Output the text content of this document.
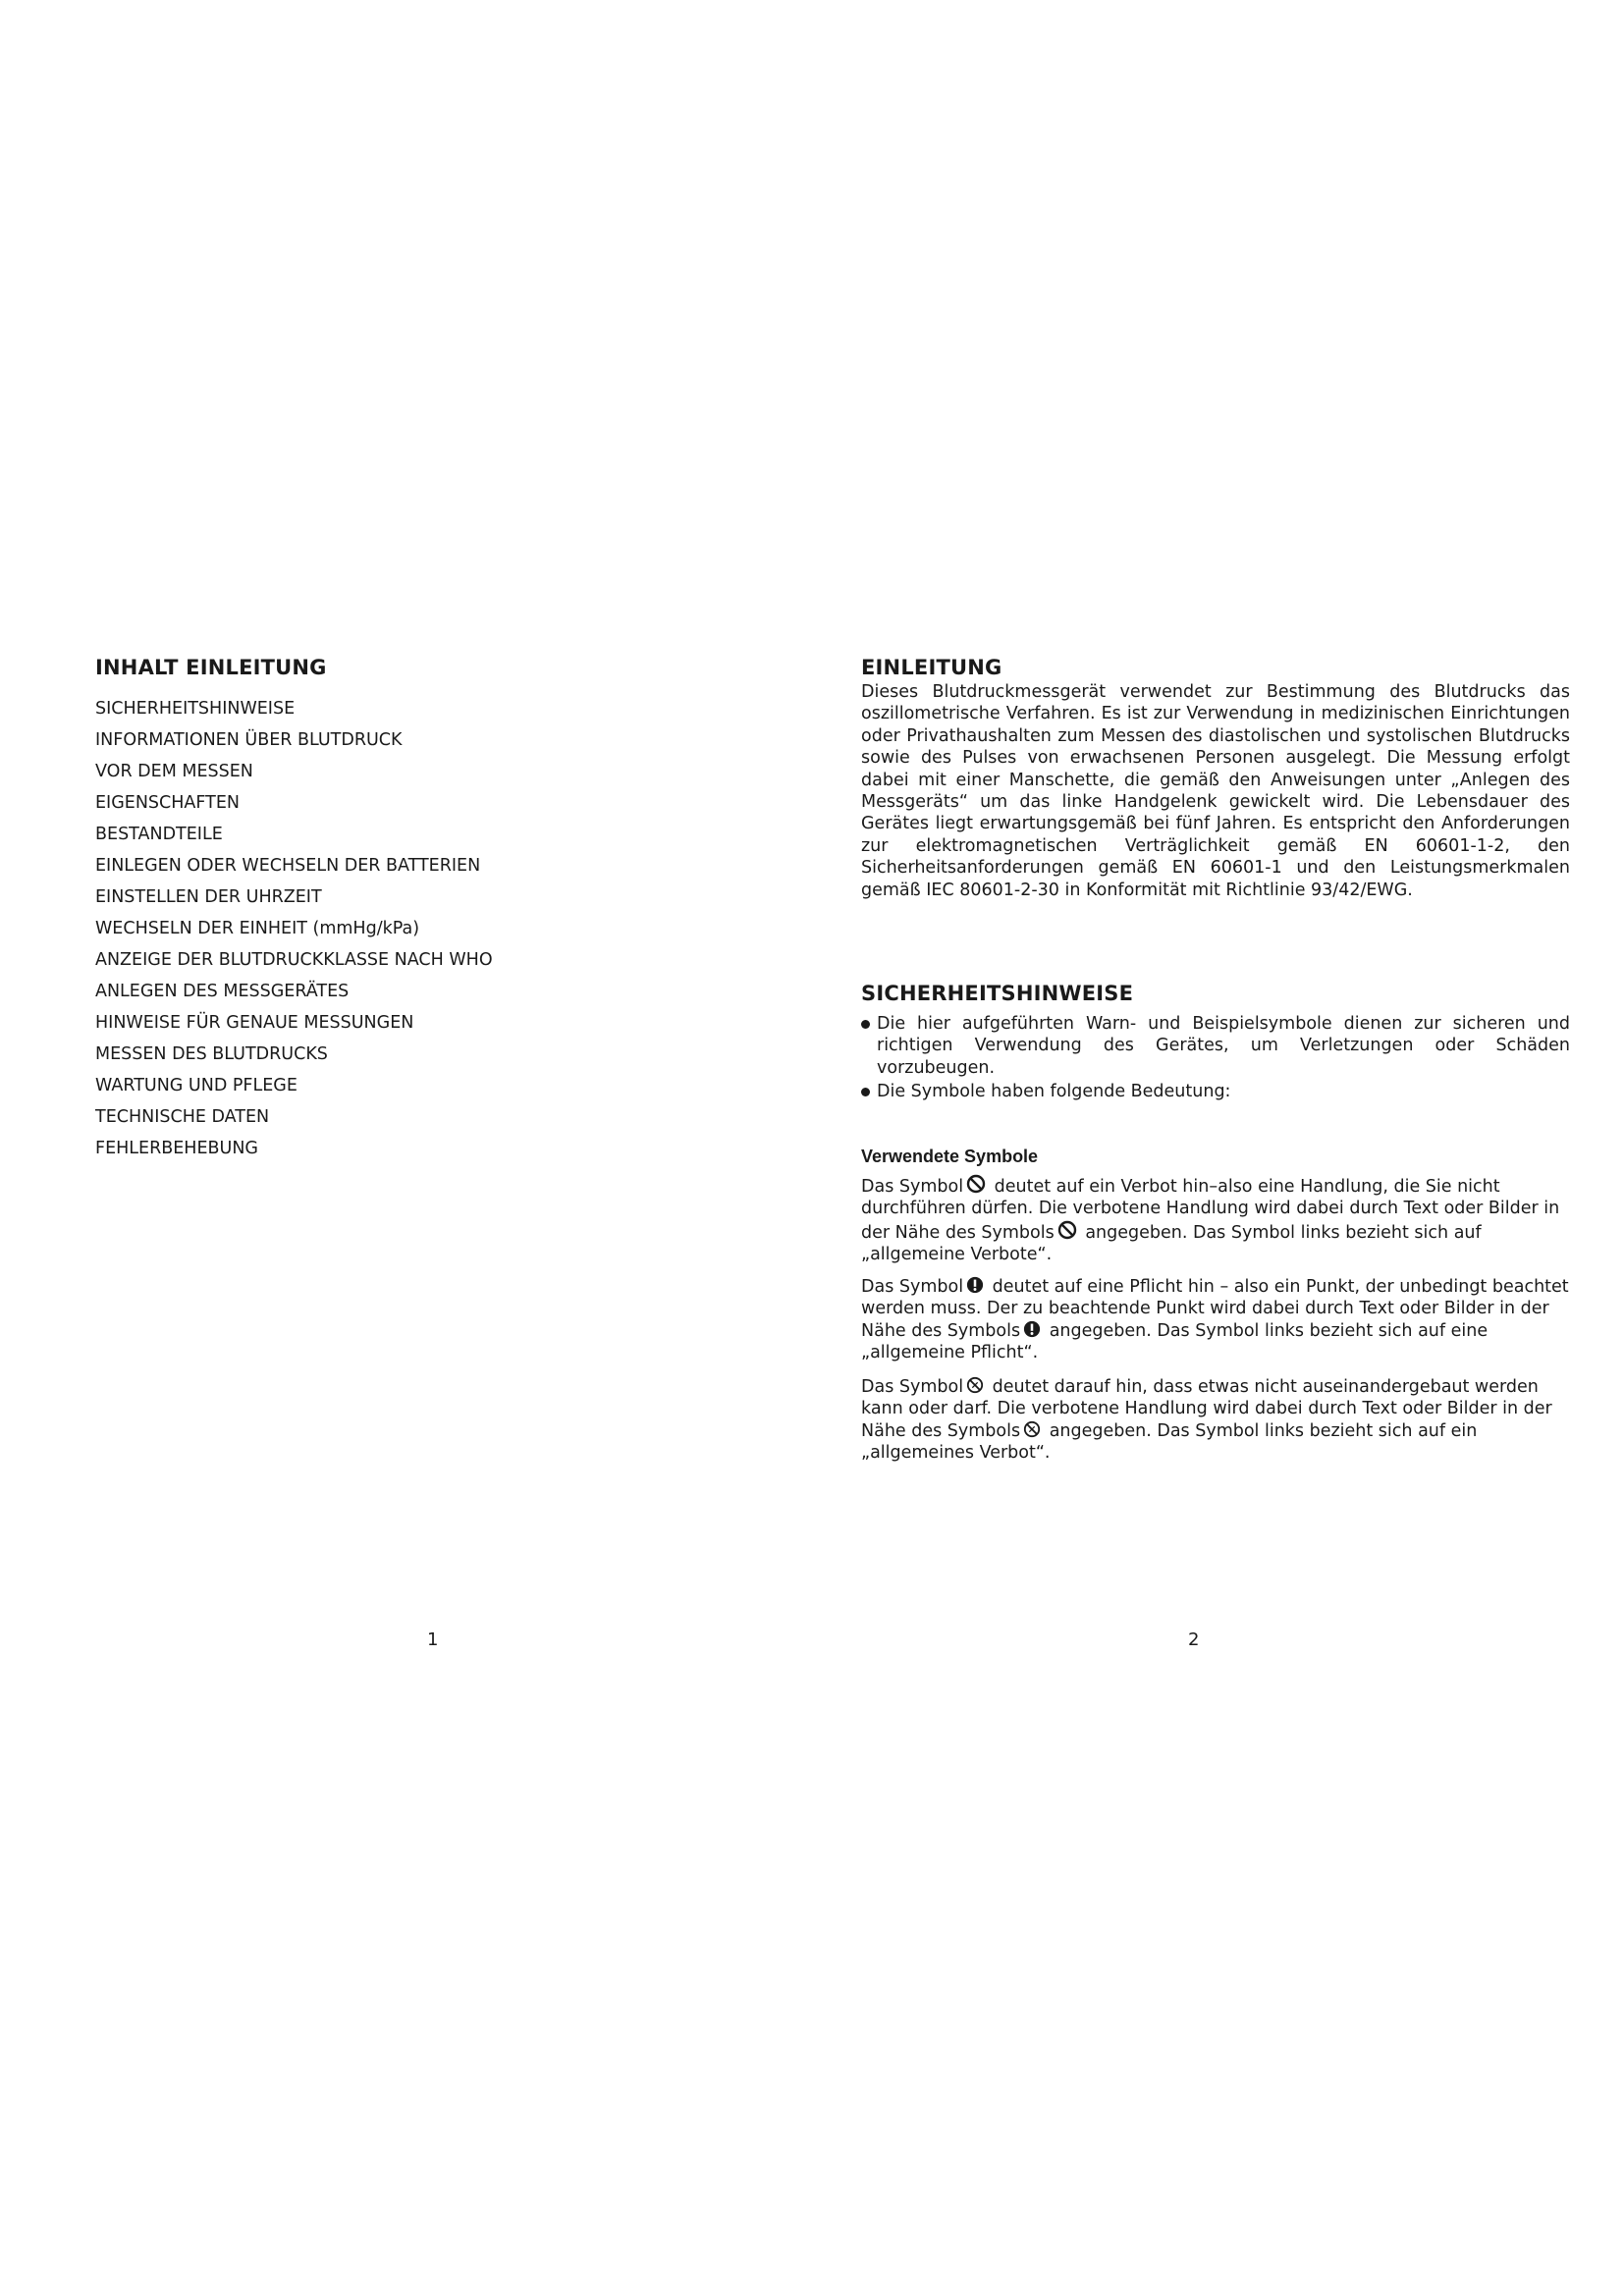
INHALT EINLEITUNG
SICHERHEITSHINWEISE
INFORMATIONEN ÜBER BLUTDRUCK
VOR DEM MESSEN
EIGENSCHAFTEN
BESTANDTEILE
EINLEGEN ODER WECHSELN DER BATTERIEN
EINSTELLEN DER UHRZEIT
WECHSELN DER EINHEIT (mmHg/kPa)
ANZEIGE DER BLUTDRUCKKLASSE NACH WHO
ANLEGEN DES MESSGERÄTES
HINWEISE FÜR GENAUE MESSUNGEN
MESSEN DES BLUTDRUCKS
WARTUNG UND PFLEGE
TECHNISCHE DATEN
FEHLERBEHEBUNG

1

EINLEITUNG

Dieses Blutdruckmessgerät verwendet zur Bestimmung des Blutdrucks das oszillometrische Verfahren. Es ist zur Verwendung in medizinischen Einrichtungen oder Privathaushalten zum Messen des diastolischen und systolischen Blutdrucks sowie des Pulses von erwachsenen Personen ausgelegt. Die Messung erfolgt dabei mit einer Manschette, die gemäß den Anweisungen unter „Anlegen des Messgeräts“ um das linke Handgelenk gewickelt wird. Die Lebensdauer des Gerätes liegt erwartungsgemäß bei fünf Jahren. Es entspricht den Anforderungen zur elektromagnetischen Verträglichkeit gemäß EN 60601-1-2, den Sicherheitsanforderungen gemäß EN 60601-1 und den Leistungsmerkmalen gemäß IEC 80601-2-30 in Konformität mit Richtlinie 93/42/EWG.

SICHERHEITSHINWEISE
Die hier aufgeführten Warn- und Beispielsymbole dienen zur sicheren und richtigen Verwendung des Gerätes, um Verletzungen oder Schäden vorzubeugen.
Die Symbole haben folgende Bedeutung:
Verwendete Symbole

Das Symbol deutet auf ein Verbot hin–also eine Handlung, die Sie nicht durchführen dürfen. Die verbotene Handlung wird dabei durch Text oder Bilder in der Nähe des Symbols angegeben. Das Symbol links bezieht sich auf „allgemeine Verbote“.

Das Symbol deutet auf eine Pflicht hin – also ein Punkt, der unbedingt beachtet werden muss. Der zu beachtende Punkt wird dabei durch Text oder Bilder in der Nähe des Symbols angegeben. Das Symbol links bezieht sich auf eine „allgemeine Pflicht“.

Das Symbol deutet darauf hin, dass etwas nicht auseinandergebaut werden kann oder darf. Die verbotene Handlung wird dabei durch Text oder Bilder in der Nähe des Symbols angegeben. Das Symbol links bezieht sich auf ein „allgemeines Verbot“.

2
